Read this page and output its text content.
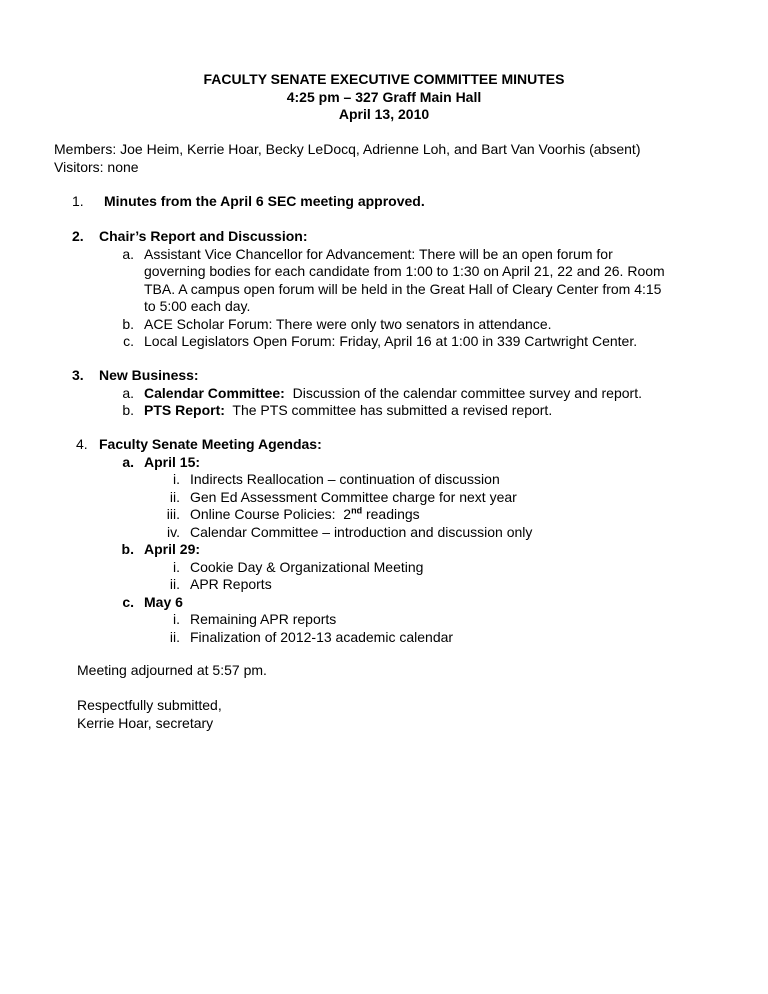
FACULTY SENATE EXECUTIVE COMMITTEE MINUTES
4:25 pm – 327 Graff Main Hall
April 13, 2010
Members: Joe Heim, Kerrie Hoar, Becky LeDocq, Adrienne Loh, and Bart Van Voorhis (absent)
Visitors: none
1.	Minutes from the April 6 SEC meeting approved.
2.	Chair’s Report and Discussion:
a. Assistant Vice Chancellor for Advancement: There will be an open forum for
governing bodies for each candidate from 1:00 to 1:30 on April 21, 22 and 26. Room
TBA. A campus open forum will be held in the Great Hall of Cleary Center from 4:15
to 5:00 each day.
b. ACE Scholar Forum: There were only two senators in attendance.
c. Local Legislators Open Forum: Friday, April 16 at 1:00 in 339 Cartwright Center.
3.	New Business:
a. Calendar Committee:  Discussion of the calendar committee survey and report.
b. PTS Report:  The PTS committee has submitted a revised report.
4. Faculty Senate Meeting Agendas:
a. April 15:
i. Indirects Reallocation – continuation of discussion
ii. Gen Ed Assessment Committee charge for next year
iii. Online Course Policies:  2nd readings
iv. Calendar Committee – introduction and discussion only
b. April 29:
i. Cookie Day & Organizational Meeting
ii. APR Reports
c. May 6
i. Remaining APR reports
ii. Finalization of 2012-13 academic calendar
Meeting adjourned at 5:57 pm.
Respectfully submitted,
Kerrie Hoar, secretary
